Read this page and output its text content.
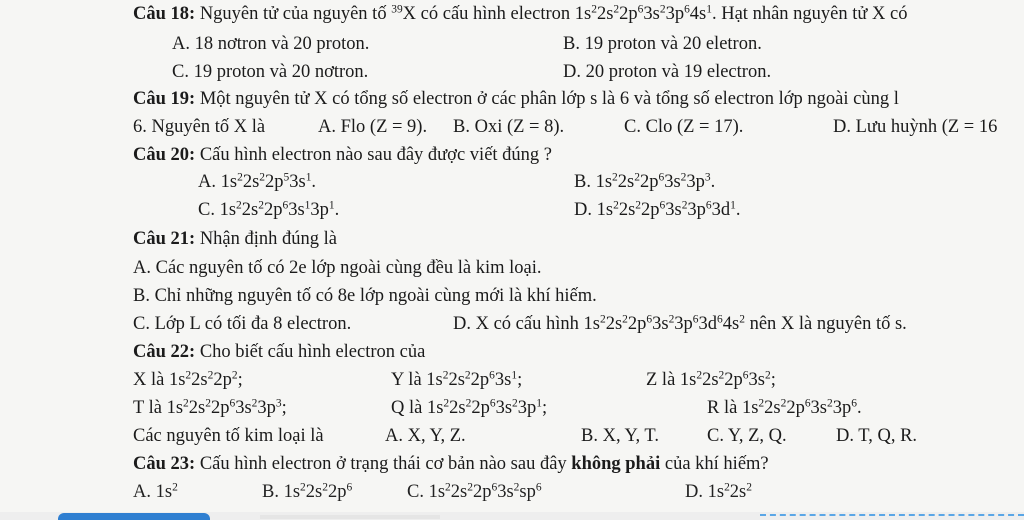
Câu 18: Nguyên tử của nguyên tố $^{39}$X có cấu hình electron $1s^22s^22p^63s^23p^64s^1$. Hạt nhân nguyên tử X có
A. 18 nơtron và 20 proton.	B. 19 proton và 20 eletron.
C. 19 proton và 20 nơtron.	D. 20 proton và 19 electron.
Câu 19: Một nguyên tử X có tổng số electron ở các phân lớp s là 6 và tổng số electron lớp ngoài cùng l
6. Nguyên tố X là	A. Flo (Z = 9). B. Oxi (Z = 8).	C. Clo (Z = 17).	D. Lưu huỳnh (Z = 16
Câu 20: Cấu hình electron nào sau đây được viết đúng ?
A. $1s^22s^22p^53s^1$.	B. $1s^22s^22p^63s^23p^3$.
C. $1s^22s^22p^63s^13p^1$.	D. $1s^22s^22p^63s^23p^63d^1$.
Câu 21: Nhận định đúng là
A. Các nguyên tố có 2e lớp ngoài cùng đều là kim loại.
B. Chỉ những nguyên tố có 8e lớp ngoài cùng mới là khí hiếm.
C. Lớp L có tối đa 8 electron.	D. X có cấu hình $1s^22s^22p^63s^23p^63d^64s^2$ nên X là nguyên tố s.
Câu 22: Cho biết cấu hình electron của
X là $1s^22s^22p^2$;	Y là $1s^22s^22p^63s^1$;	Z là $1s^22s^22p^63s^2$;
T là $1s^22s^22p^63s^23p^3$;	Q là $1s^22s^22p^63s^23p^1$;	R là $1s^22s^22p^63s^23p^6$.
Các nguyên tố kim loại là	A. X, Y, Z.	B. X, Y, T.	C. Y, Z, Q.	D. T, Q, R.
Câu 23: Cấu hình electron ở trạng thái cơ bản nào sau đây không phải của khí hiếm?
A. $1s^2$	B. $1s^22s^22p^6$	C. $1s^22s^22p^63s^2sp^6$	D. $1s^22s^2$
